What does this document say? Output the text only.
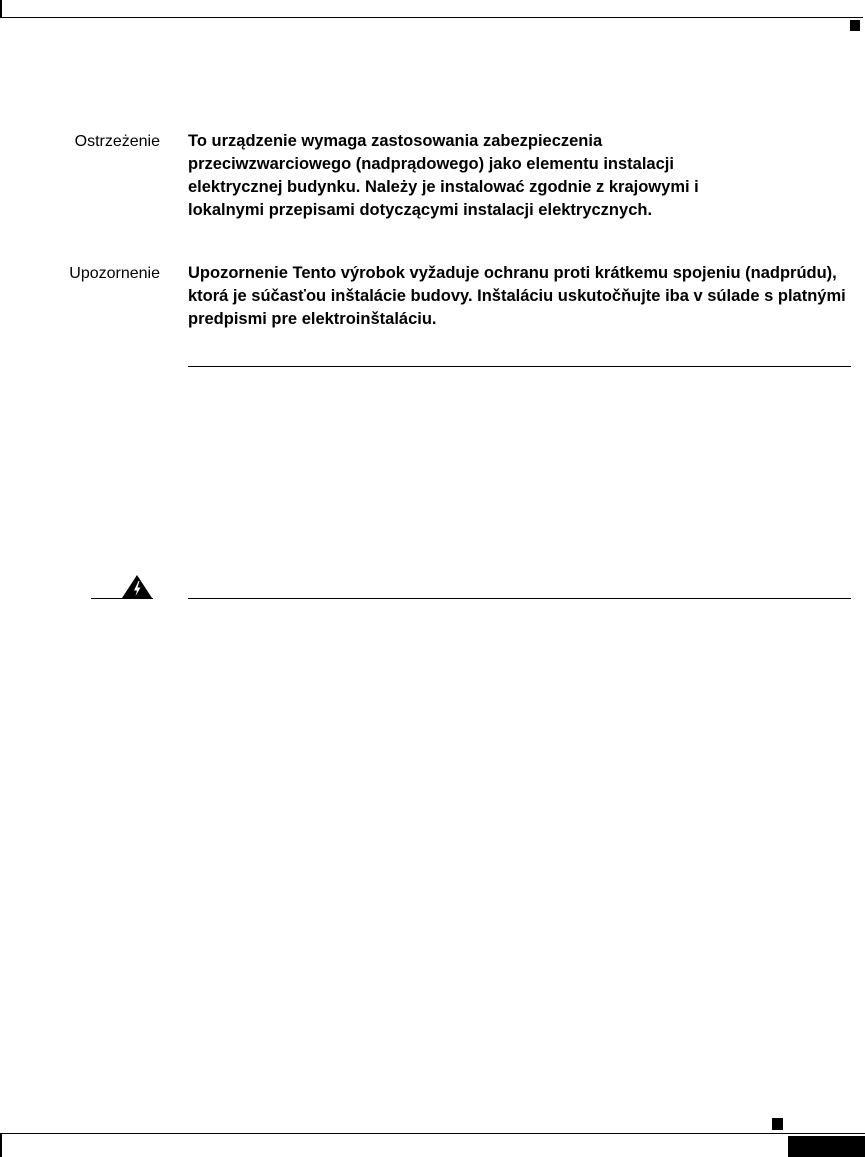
Ostrzeżenie To urządzenie wymaga zastosowania zabezpieczenia przeciwzwarciowego (nadprądowego) jako elementu instalacji elektrycznej budynku. Należy je instalować zgodnie z krajowymi i lokalnymi przepisami dotyczącymi instalacji elektrycznych.

Upozornenie Upozornenie Tento výrobok vyžaduje ochranu proti krátkemu spojeniu (nadprúdu), ktorá je súčasťou inštalácie budovy. Inštaláciu uskutočňujte iba v súlade s platnými predpismi pre elektroinštaláciu.
